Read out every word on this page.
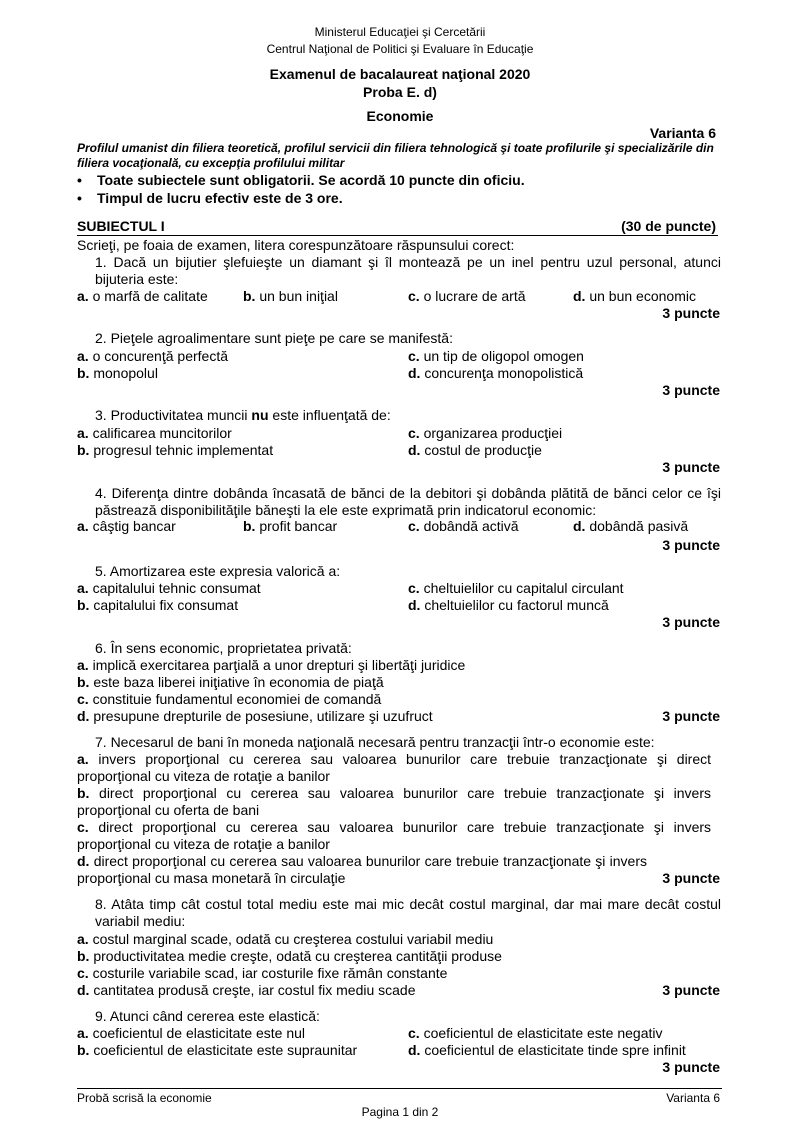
Ministerul Educaţiei şi Cercetării
Centrul Naţional de Politici şi Evaluare în Educaţie
Examenul de bacalaureat naţional 2020
Proba E. d)
Economie
Varianta 6
Profilul umanist din filiera teoretică, profilul servicii din filiera tehnologică şi toate profilurile şi specializările din filiera vocaţională, cu excepţia profilului militar
• Toate subiectele sunt obligatorii. Se acordă 10 puncte din oficiu.
• Timpul de lucru efectiv este de 3 ore.
SUBIECTUL I	(30 de puncte)
Scrieţi, pe foaia de examen, litera corespunzătoare răspunsului corect:
1. Dacă un bijutier şlefuieşte un diamant şi îl montează pe un inel pentru uzul personal, atunci bijuteria este:
a. o marfă de calitate	b. un bun iniţial	c. o lucrare de artă	d. un bun economic
3 puncte
2. Pieţele agroalimentare sunt pieţe pe care se manifestă:
a. o concurenţă perfectă	c. un tip de oligopol omogen
b. monopolul	d. concurenţa monopolistică
3 puncte
3. Productivitatea muncii nu este influenţată de:
a. calificarea muncitorilor	c. organizarea producţiei
b. progresul tehnic implementat	d. costul de producţie
3 puncte
4. Diferenţa dintre dobânda încasată de bănci de la debitori şi dobânda plătită de bănci celor ce îşi păstrează disponibilităţile băneşti la ele este exprimată prin indicatorul economic:
a. câştig bancar	b. profit bancar	c. dobândă activă	d. dobândă pasivă
3 puncte
5. Amortizarea este expresia valorică a:
a. capitalului tehnic consumat	c. cheltuielilor cu capitalul circulant
b. capitalului fix consumat	d. cheltuielilor cu factorul muncă
3 puncte
6. În sens economic, proprietatea privată:
a. implică exercitarea parţială a unor drepturi şi libertăţi juridice
b. este baza liberei iniţiative în economia de piaţă
c. constituie fundamentul economiei de comandă
d. presupune drepturile de posesiune, utilizare şi uzufruct	3 puncte
7. Necesarul de bani în moneda naţională necesară pentru tranzacţii într-o economie este:
a. invers proporţional cu cererea sau valoarea bunurilor care trebuie tranzacţionate şi direct proporţional cu viteza de rotaţie a banilor
b. direct proporţional cu cererea sau valoarea bunurilor care trebuie tranzacţionate şi invers proporţional cu oferta de bani
c. direct proporţional cu cererea sau valoarea bunurilor care trebuie tranzacţionate şi invers proporţional cu viteza de rotaţie a banilor
d. direct proporţional cu cererea sau valoarea bunurilor care trebuie tranzacţionate şi invers proporţional cu masa monetară în circulaţie	3 puncte
8. Atâta timp cât costul total mediu este mai mic decât costul marginal, dar mai mare decât costul variabil mediu:
a. costul marginal scade, odată cu creşterea costului variabil mediu
b. productivitatea medie creşte, odată cu creşterea cantităţii produse
c. costurile variabile scad, iar costurile fixe rămân constante
d. cantitatea produsă creşte, iar costul fix mediu scade	3 puncte
9. Atunci când cererea este elastică:
a. coeficientul de elasticitate este nul	c. coeficientul de elasticitate este negativ
b. coeficientul de elasticitate este supraunitar	d. coeficientul de elasticitate tinde spre infinit
3 puncte
Probă scrisă la economie	Varianta 6
Pagina 1 din 2
